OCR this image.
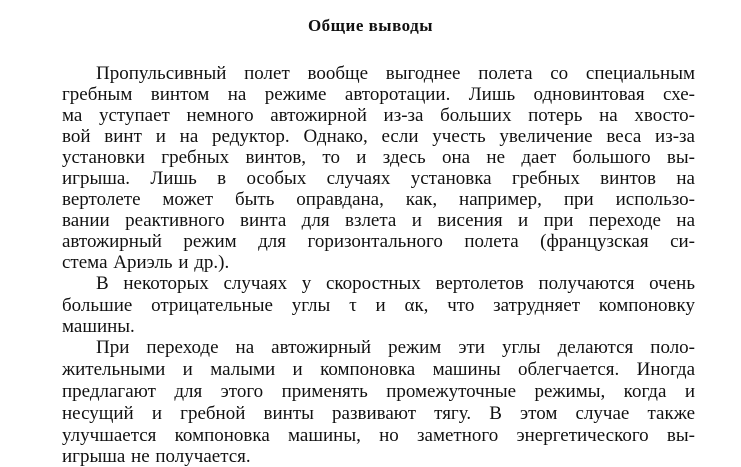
Общие выводы
Пропульсивный полет вообще выгоднее полета со специальным
гребным винтом на режиме авторотации. Лишь одновинтовая схе-
ма уступает немного автожирной из-за больших потерь на хвосто-
вой винт и на редуктор. Однако, если учесть увеличение веса из-за
установки гребных винтов, то и здесь она не дает большого вы-
игрыша. Лишь в особых случаях установка гребных винтов на
вертолете может быть оправдана, как, например, при использо-
вании реактивного винта для взлета и висения и при переходе на
автожирный режим для горизонтального полета (французская си-
стема Ариэль и др.).
В некоторых случаях у скоростных вертолетов получаются очень
большие отрицательные углы τ и αк, что затрудняет компоновку
машины.
При переходе на автожирный режим эти углы делаются поло-
жительными и малыми и компоновка машины облегчается. Иногда
предлагают для этого применять промежуточные режимы, когда и
несущий и гребной винты развивают тягу. В этом случае также
улучшается компоновка машины, но заметного энергетического вы-
игрыша не получается.
